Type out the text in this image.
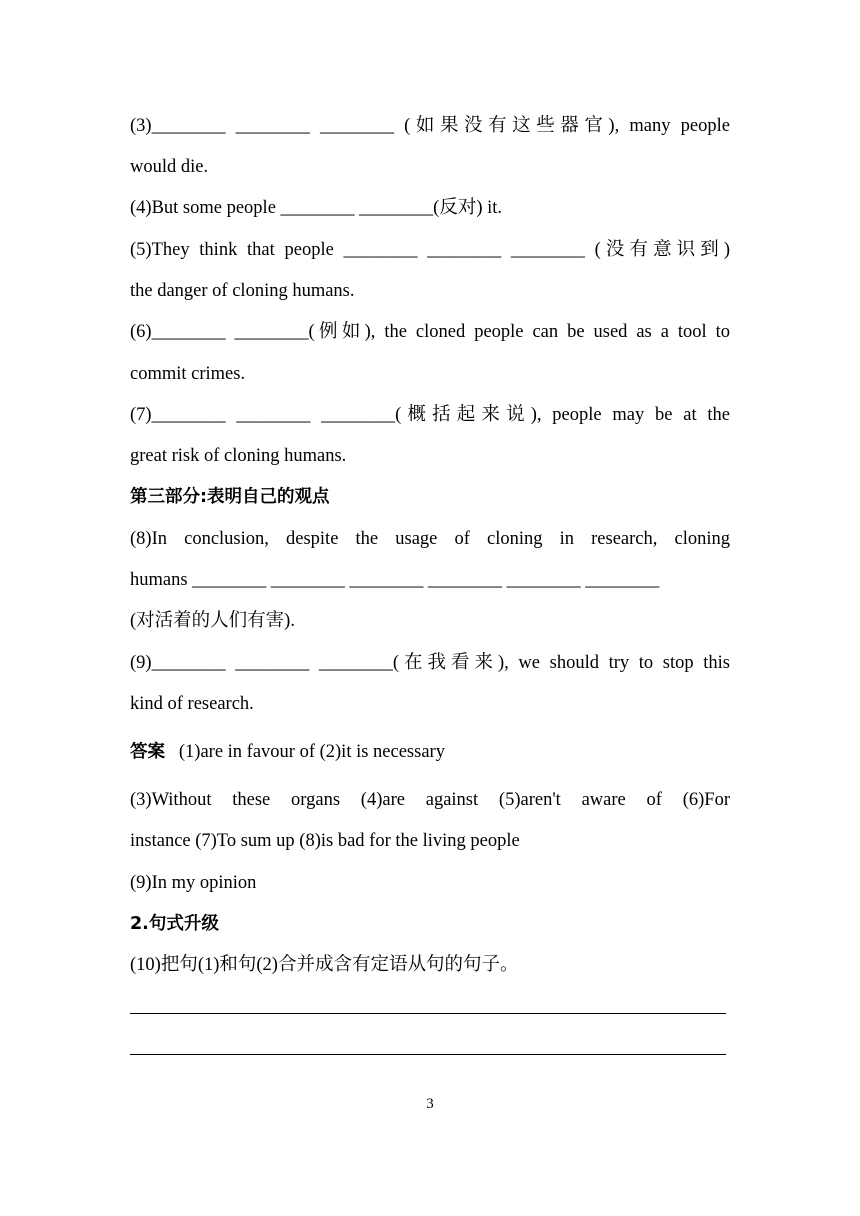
(3)________ ________ ________ (如果没有这些器官), many people
would die.
(4)But some people ________ ________(反对) it.
(5)They think that people ________ ________ ________ (没有意识到)
the danger of cloning humans.
(6)________ ________(例如), the cloned people can be used as a tool to
commit crimes.
(7)________ ________ ________(概括起来说), people may be at the
great risk of cloning humans.
第三部分:表明自己的观点
(8)In conclusion, despite the usage of cloning in research, cloning
humans ________ ________ ________ ________ ________ ________
(对活着的人们有害).
(9)________ ________ ________(在我看来), we should try to stop this
kind of research.
答案 (1)are in favour of (2)it is necessary
(3)Without these organs (4)are against (5)aren't aware of (6)For
instance (7)To sum up (8)is bad for the living people
(9)In my opinion
2.句式升级
(10)把句(1)和句(2)合并成含有定语从句的句子。
3
